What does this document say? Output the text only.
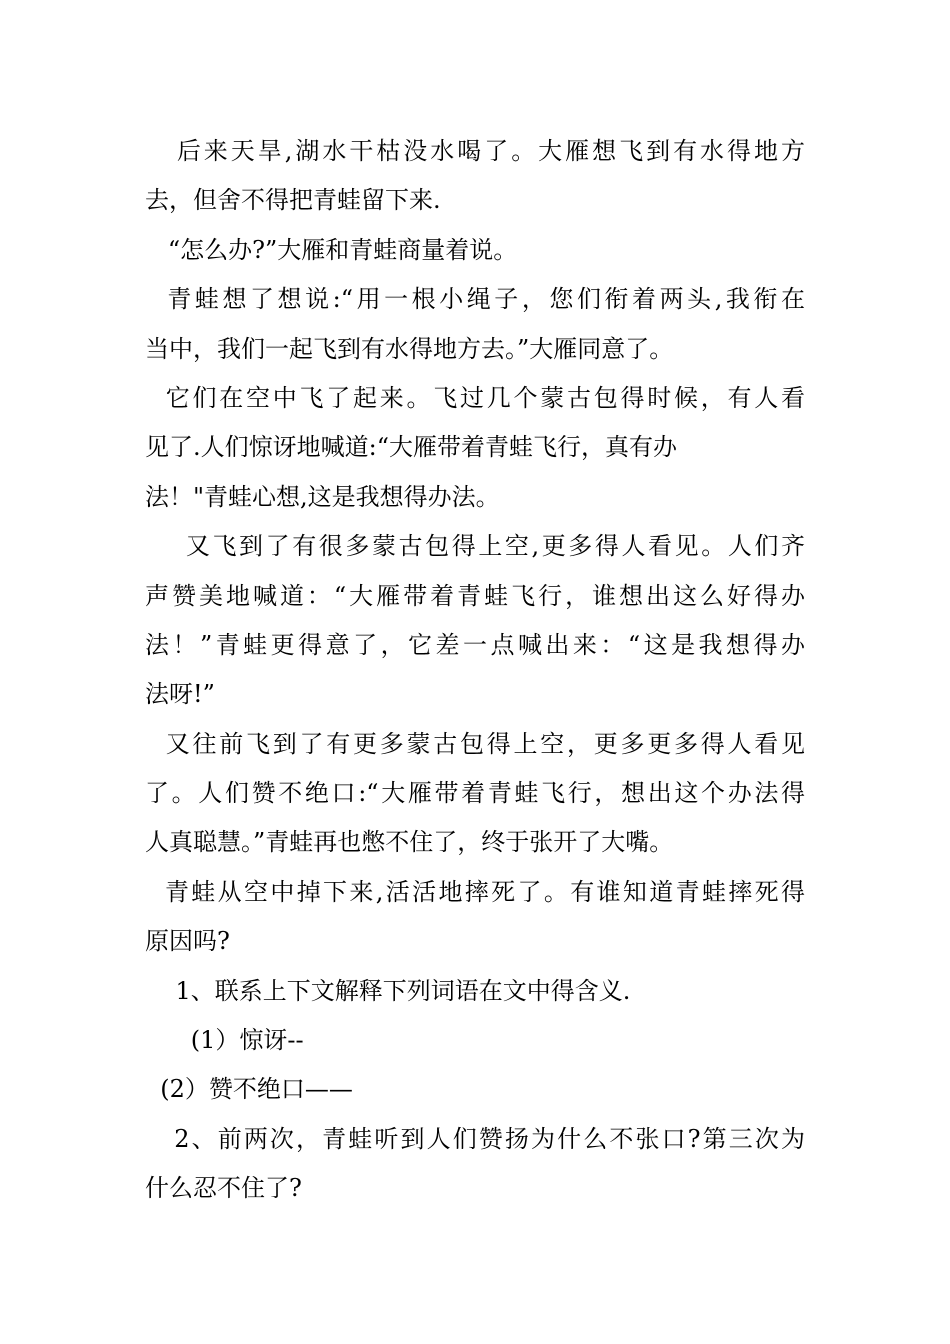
后来天旱,湖水干枯没水喝了。大雁想飞到有水得地方
去，但舍不得把青蛙留下来.
“怎么办?”大雁和青蛙商量着说。
青蛙想了想说:“用一根小绳子，您们衔着两头,我衔在
当中，我们一起飞到有水得地方去。”大雁同意了。
它们在空中飞了起来。飞过几个蒙古包得时候，有人看
见了.人们惊讶地喊道:“大雁带着青蛙飞行，真有办
法！"青蛙心想,这是我想得办法。
又飞到了有很多蒙古包得上空,更多得人看见。人们齐
声赞美地喊道：“大雁带着青蛙飞行，谁想出这么好得办
法！”青蛙更得意了，它差一点喊出来：“这是我想得办
法呀!”
又往前飞到了有更多蒙古包得上空，更多更多得人看见
了。人们赞不绝口:“大雁带着青蛙飞行，想出这个办法得
人真聪慧。”青蛙再也憋不住了，终于张开了大嘴。
青蛙从空中掉下来,活活地摔死了。有谁知道青蛙摔死得
原因吗?
1、联系上下文解释下列词语在文中得含义.
(1）惊讶--
(2）赞不绝口——
2、前两次，青蛙听到人们赞扬为什么不张口?第三次为
什么忍不住了?
